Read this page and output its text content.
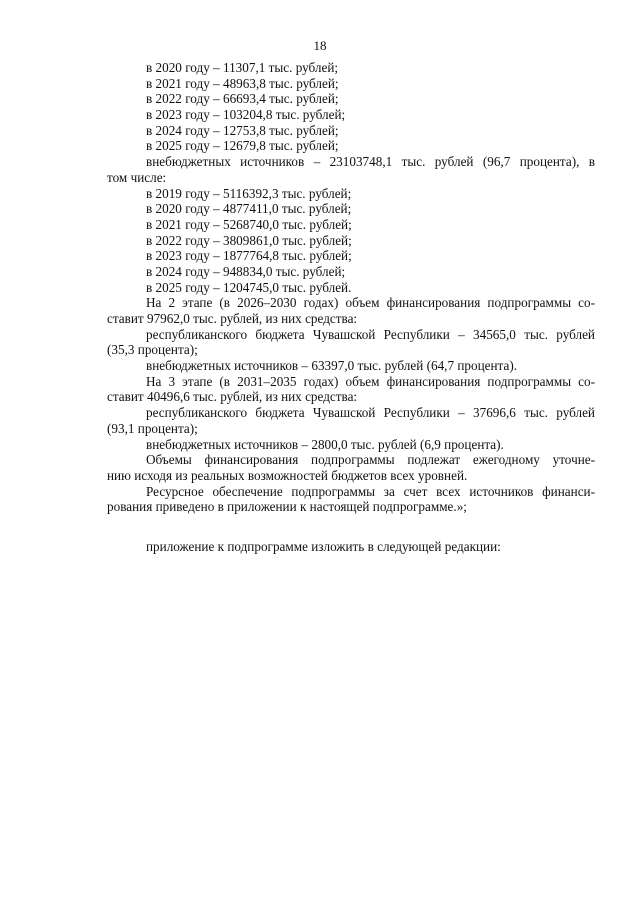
18
в 2020 году – 11307,1 тыс. рублей;
в 2021 году – 48963,8 тыс. рублей;
в 2022 году – 66693,4 тыс. рублей;
в 2023 году – 103204,8 тыс. рублей;
в 2024 году – 12753,8 тыс. рублей;
в 2025 году – 12679,8 тыс. рублей;
внебюджетных источников – 23103748,1 тыс. рублей (96,7 процента), в
том числе:
в 2019 году – 5116392,3 тыс. рублей;
в 2020 году – 4877411,0 тыс. рублей;
в 2021 году – 5268740,0 тыс. рублей;
в 2022 году – 3809861,0 тыс. рублей;
в 2023 году – 1877764,8 тыс. рублей;
в 2024 году – 948834,0 тыс. рублей;
в 2025 году – 1204745,0 тыс. рублей.
На 2 этапе (в 2026–2030 годах) объем финансирования подпрограммы со-
ставит 97962,0 тыс. рублей, из них средства:
республиканского бюджета Чувашской Республики – 34565,0 тыс. рублей
(35,3 процента);
внебюджетных источников – 63397,0 тыс. рублей (64,7 процента).
На 3 этапе (в 2031–2035 годах) объем финансирования подпрограммы со-
ставит 40496,6 тыс. рублей, из них средства:
республиканского бюджета Чувашской Республики – 37696,6 тыс. рублей
(93,1 процента);
внебюджетных источников – 2800,0 тыс. рублей (6,9 процента).
Объемы финансирования подпрограммы подлежат ежегодному уточне-
нию исходя из реальных возможностей бюджетов всех уровней.
Ресурсное обеспечение подпрограммы за счет всех источников финанси-
рования приведено в приложении к настоящей подпрограмме.»;
приложение к подпрограмме изложить в следующей редакции:
